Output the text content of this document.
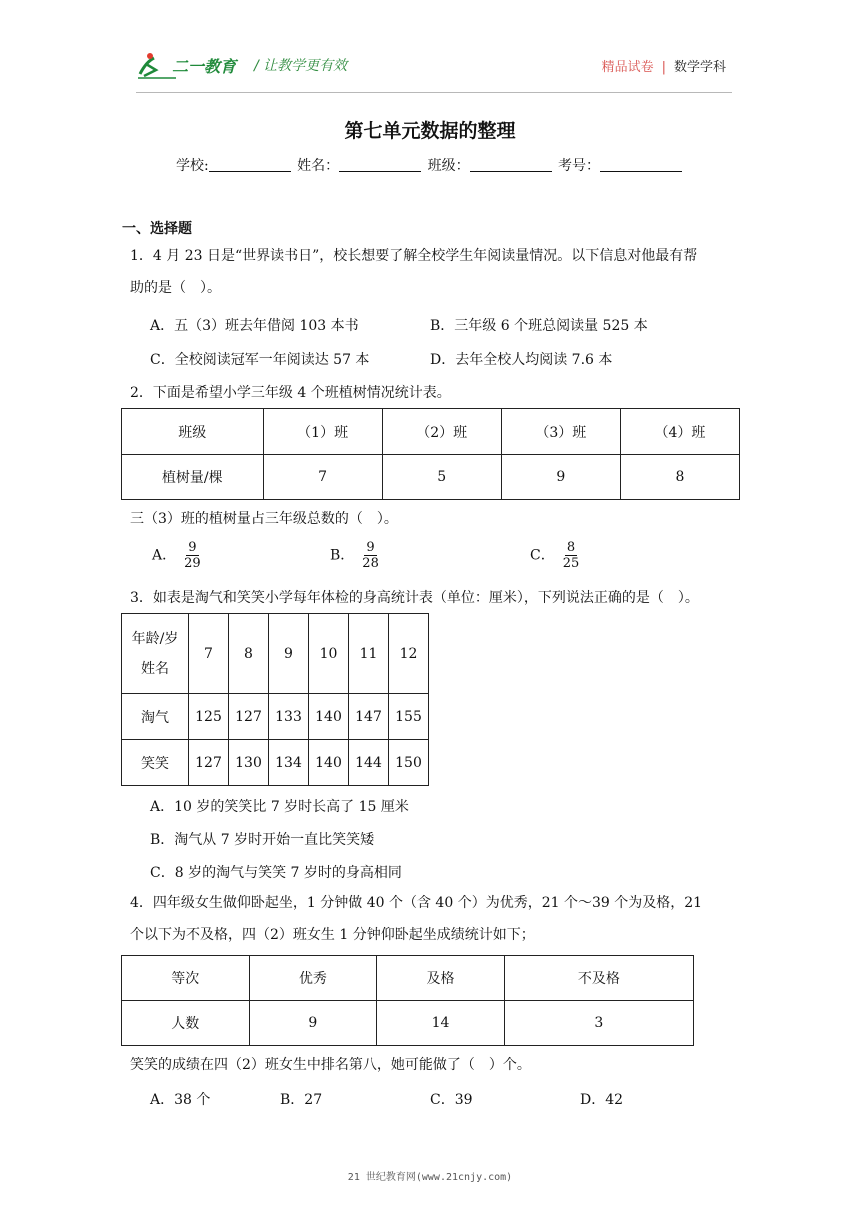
二一教育 / 让教学更有效	精品试卷 | 数学学科
第七单元数据的整理
学校:	姓名：	班级：	考号：
一、选择题
1．4 月 23 日是“世界读书日”，校长想要了解全校学生年阅读量情况。以下信息对他最有帮
助的是（　）。
A．五（3）班去年借阅 103 本书	B．三年级 6 个班总阅读量 525 本
C．全校阅读冠军一年阅读达 57 本	D．去年全校人均阅读 7.6 本
2．下面是希望小学三年级 4 个班植树情况统计表。
班级	（1）班	（2）班	（3）班	（4）班
植树量/棵	7	5	9	8
三（3）班的植树量占三年级总数的（　）。
A． $\frac{9}{29}$	B． $\frac{9}{28}$	C． $\frac{8}{25}$
3．如表是淘气和笑笑小学每年体检的身高统计表（单位：厘米），下列说法正确的是（　）。
年龄/岁
姓名	7	8	9	10	11	12
淘气	125	127	133	140	147	155
笑笑	127	130	134	140	144	150
A．10 岁的笑笑比 7 岁时长高了 15 厘米
B．淘气从 7 岁时开始一直比笑笑矮
C．8 岁的淘气与笑笑 7 岁时的身高相同
4．四年级女生做仰卧起坐，1 分钟做 40 个（含 40 个）为优秀，21 个～39 个为及格，21
个以下为不及格，四（2）班女生 1 分钟仰卧起坐成绩统计如下；
等次	优秀	及格	不及格
人数	9	14	3
笑笑的成绩在四（2）班女生中排名第八，她可能做了（　）个。
A．38 个	B．27	C．39	D．42
21 世纪教育网(www.21cnjy.com)
